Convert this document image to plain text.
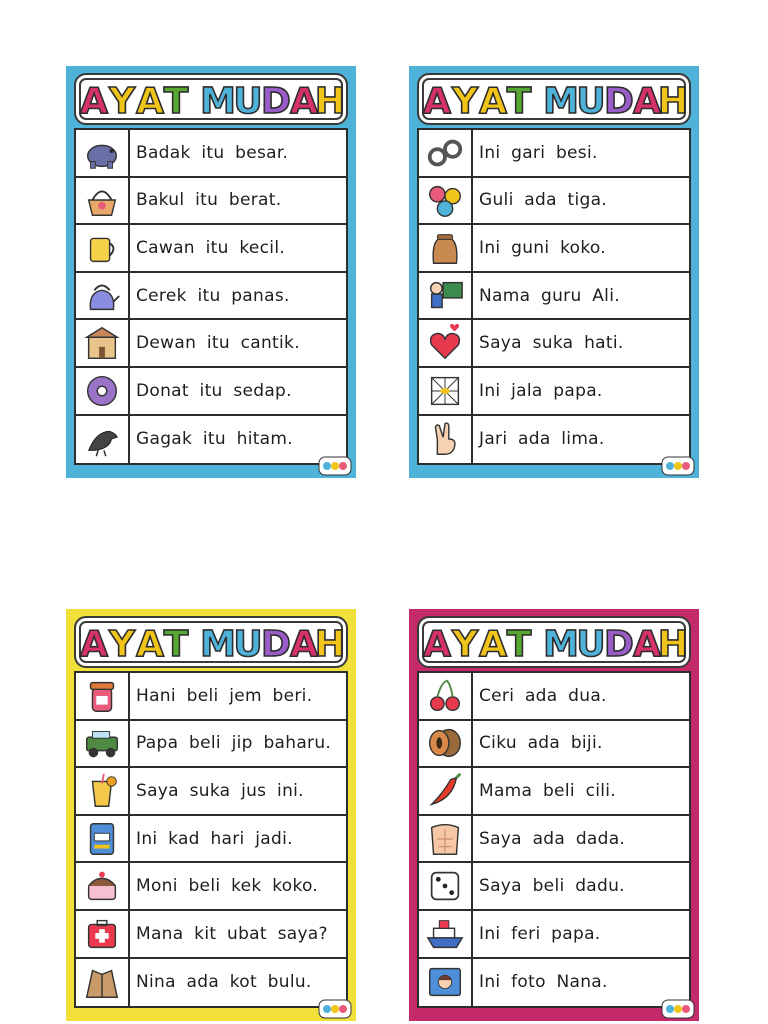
A Y A T M
U
D A
H
Badak itu besar.
Bakul itu berat.
Cawan itu kecil.
Cerek itu panas.
Dewan itu cantik.
Donat itu sedap.
Gagak itu hitam.
A Y A T M
U
D A
H
Ini gari besi.
Guli ada tiga.
Ini guni koko.
Nama guru Ali.
Saya suka hati.
Ini jala papa.
Jari ada lima.
A Y A T M
U
D A
H
Hani beli jem beri.
Papa beli jip baharu.
Saya suka jus ini.
Ini kad hari jadi.
Moni beli kek koko.
Mana kit ubat saya?
Nina ada kot bulu.
A Y A T M
U
D A
H
Ceri ada dua.
Ciku ada biji.
Mama beli cili.
Saya ada dada.
Saya beli dadu.
Ini feri papa.
Ini foto Nana.
